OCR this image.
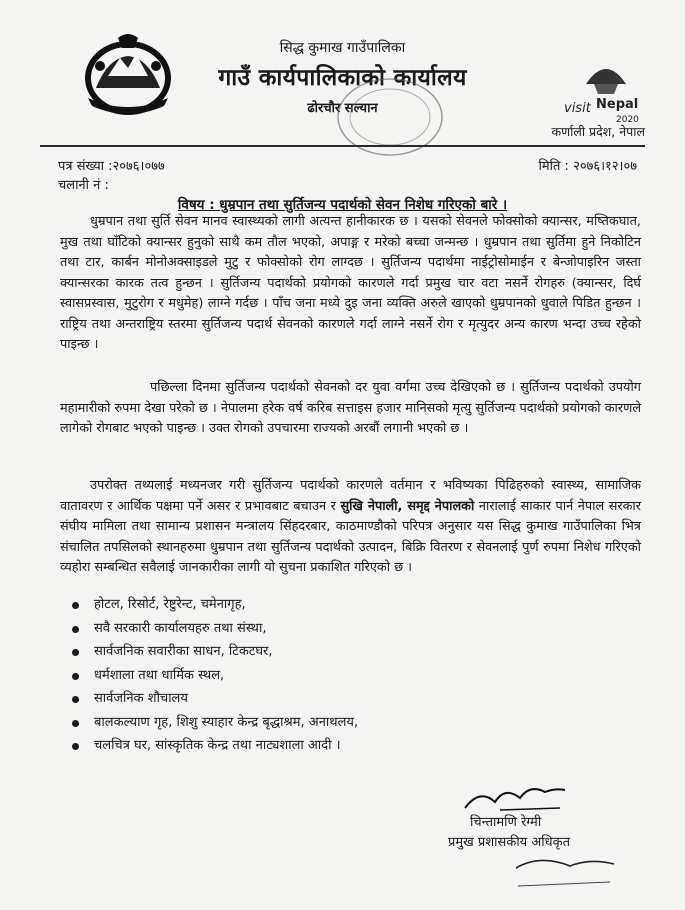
सिद्ध कुमाख गाउँपालिका
गाउँ कार्यपालिकाको कार्यालय
ढोरचौर सल्यान	visit Nepal
2020
कर्णाली प्रदेश, नेपाल
पत्र संख्या :२०७६।०७७
चलानी नं :
मिति : २०७६।१२।०७
विषय : धुम्रपान तथा सुर्तिजन्य पदार्थको सेवन निशेध गरिएको बारे ।
धुम्रपान तथा सुर्ति सेवन मानव स्वास्थ्यको लागी अत्यन्त हानीकारक छ । यसको सेवनले फोक्सोको क्यान्सर, मष्तिकघात, मुख तथा घाँटिको क्यान्सर हुनुको साथै कम तौल भएको, अपाङ्ग र मरेको बच्चा जन्मन्छ । धुम्रपान तथा सुर्तिमा हुने निकोटिन तथा टार, कार्बन मोनोअक्साइडले मुटु र फोक्सोको रोग लाग्दछ । सुर्तिजन्य पदार्थमा नाईट्रोसोमाईन र बेन्जोपाइरिन जस्ता क्यान्सरका कारक तत्व हुन्छन । सुर्तिजन्य पदार्थको प्रयोगको कारणले गर्दा प्रमुख चार वटा नसर्ने रोगहरु (क्यान्सर, दिर्घ स्वासप्रस्वास, मुटुरोग र मधुमेह) लाग्ने गर्दछ । पाँच जना मध्ये दुइ जना व्यक्ति अरुले खाएको धुम्रपानको धुवाले पिडित हुन्छन । राष्ट्रिय तथा अन्तराष्ट्रिय स्तरमा सुर्तिजन्य पदार्थ सेवनको कारणले गर्दा लाग्ने नसर्ने रोग र मृत्युदर अन्य कारण भन्दा उच्च रहेको पाइन्छ ।
पछिल्ला दिनमा सुर्तिजन्य पदार्थको सेवनको दर युवा वर्गमा उच्च देखिएको छ । सुर्तिजन्य पदार्थको उपयोग महामारीको रुपमा देखा परेको छ । नेपालमा हरेक वर्ष करिब सत्ताइस हजार मानिसको मृत्यु सुर्तिजन्य पदार्थको प्रयोगको कारणले लागेको रोगबाट भएको पाइन्छ । उक्त रोगको उपचारमा राज्यको अरबौं लगानी भएको छ ।
उपरोक्त तथ्यलाई मध्यनजर गरी सुर्तिजन्य पदार्थको कारणले वर्तमान र भविष्यका पिढिहरुको स्वास्थ्य, सामाजिक वातावरण र आर्थिक पक्षमा पर्ने असर र प्रभावबाट बचाउन र सुखि नेपाली, समृद्द नेपालको नारालाई साकार पार्न नेपाल सरकार संघीय मामिला तथा सामान्य प्रशासन मन्त्रालय सिंहदरबार, काठमाण्डौको परिपत्र अनुसार यस सिद्ध कुमाख गाउँपालिका भित्र संचालित तपसिलको स्थानहरुमा धुम्रपान तथा सुर्तिजन्य पदार्थको उत्पादन, बिक्रि वितरण र सेवनलाई पुर्ण रुपमा निशेध गरिएको व्यहोरा सम्बन्धित सवैलाई जानकारीका लागी यो सुचना प्रकाशित गरिएको छ ।
होटल, रिसोर्ट, रेष्टुरेन्ट, चमेनागृह,
सवै सरकारी कार्यालयहरु तथा संस्था,
सार्वजनिक सवारीका साधन, टिकटघर,
धर्मशाला तथा धार्मिक स्थल,
सार्वजनिक शौचालय
बालकल्याण गृह, शिशु स्याहार केन्द्र बृद्धाश्रम, अनाथलय,
चलचित्र घर, सांस्कृतिक केन्द्र तथा नाट्यशाला आदी ।
चिन्तामणि रेग्मी
प्रमुख प्रशासकीय अधिकृत
